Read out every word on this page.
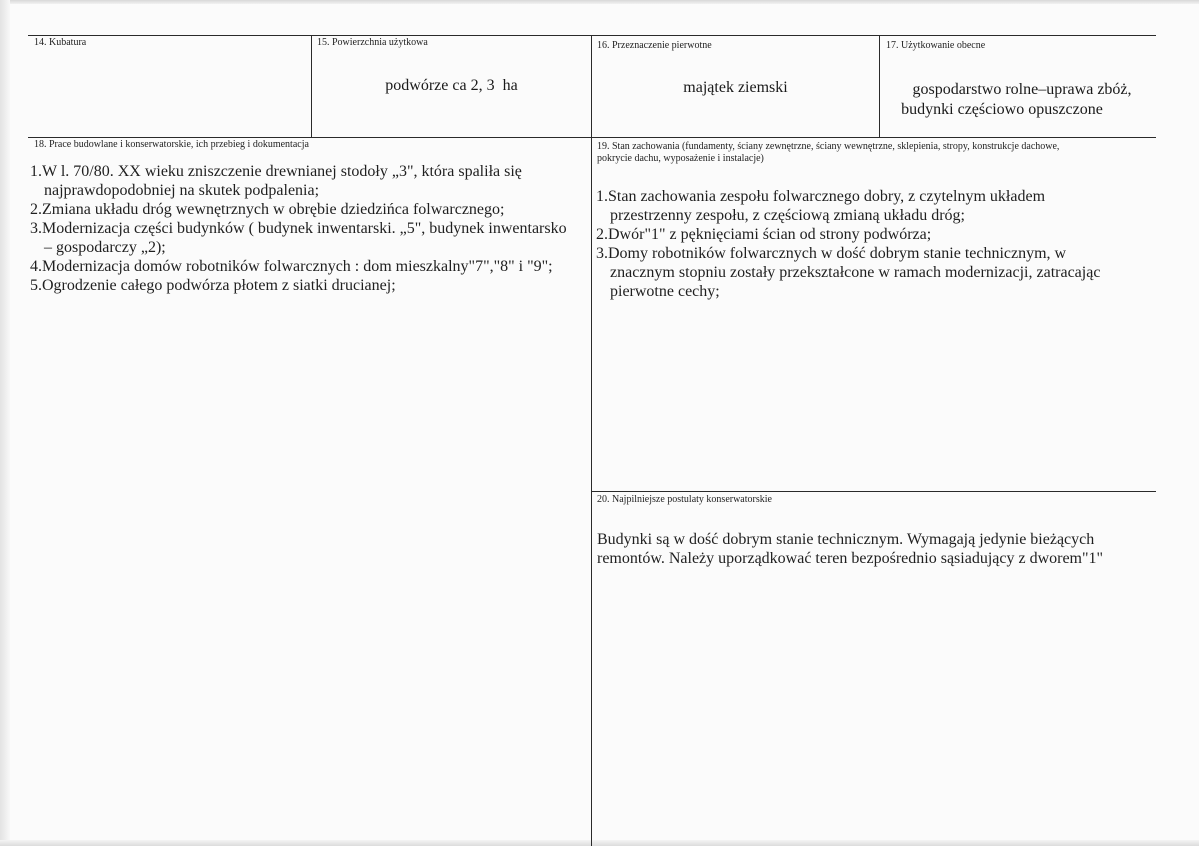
14. Kubatura	15. Powierzchnia użytkowa
podwórze ca 2, 3  ha
16. Przeznaczenie pierwotne
majątek ziemski
17. Użytkowanie obecne
gospodarstwo rolne–uprawa zbóż,
budynki częściowo opuszczone
18. Prace budowlane i konserwatorskie, ich przebieg i dokumentacja
1.W l. 70/80. XX wieku zniszczenie drewnianej stodoły „3", która spaliła się najprawdopodobniej na skutek podpalenia;
2.Zmiana układu dróg wewnętrznych w obrębie dziedzińca folwarcznego;
3.Modernizacja części budynków ( budynek inwentarski. „5", budynek inwentarsko – gospodarczy „2);
4.Modernizacja domów robotników folwarcznych : dom mieszkalny"7","8" i "9";
5.Ogrodzenie całego podwórza płotem z siatki drucianej;
19. Stan zachowania (fundamenty, ściany zewnętrzne, ściany wewnętrzne, sklepienia, stropy, konstrukcje dachowe, pokrycie dachu, wyposażenie i instalacje)
1.Stan zachowania zespołu folwarcznego dobry, z czytelnym układem przestrzenny zespołu, z częściową zmianą układu dróg;
2.Dwór"1" z pęknięciami ścian od strony podwórza;
3.Domy robotników folwarcznych w dość dobrym stanie technicznym, w znacznym stopniu zostały przekształcone w ramach modernizacji, zatracając pierwotne cechy;
20. Najpilniejsze postulaty konserwatorskie
Budynki są w dość dobrym stanie technicznym. Wymagają jedynie bieżących remontów. Należy uporządkować teren bezpośrednio sąsiadujący z dworem"1"
